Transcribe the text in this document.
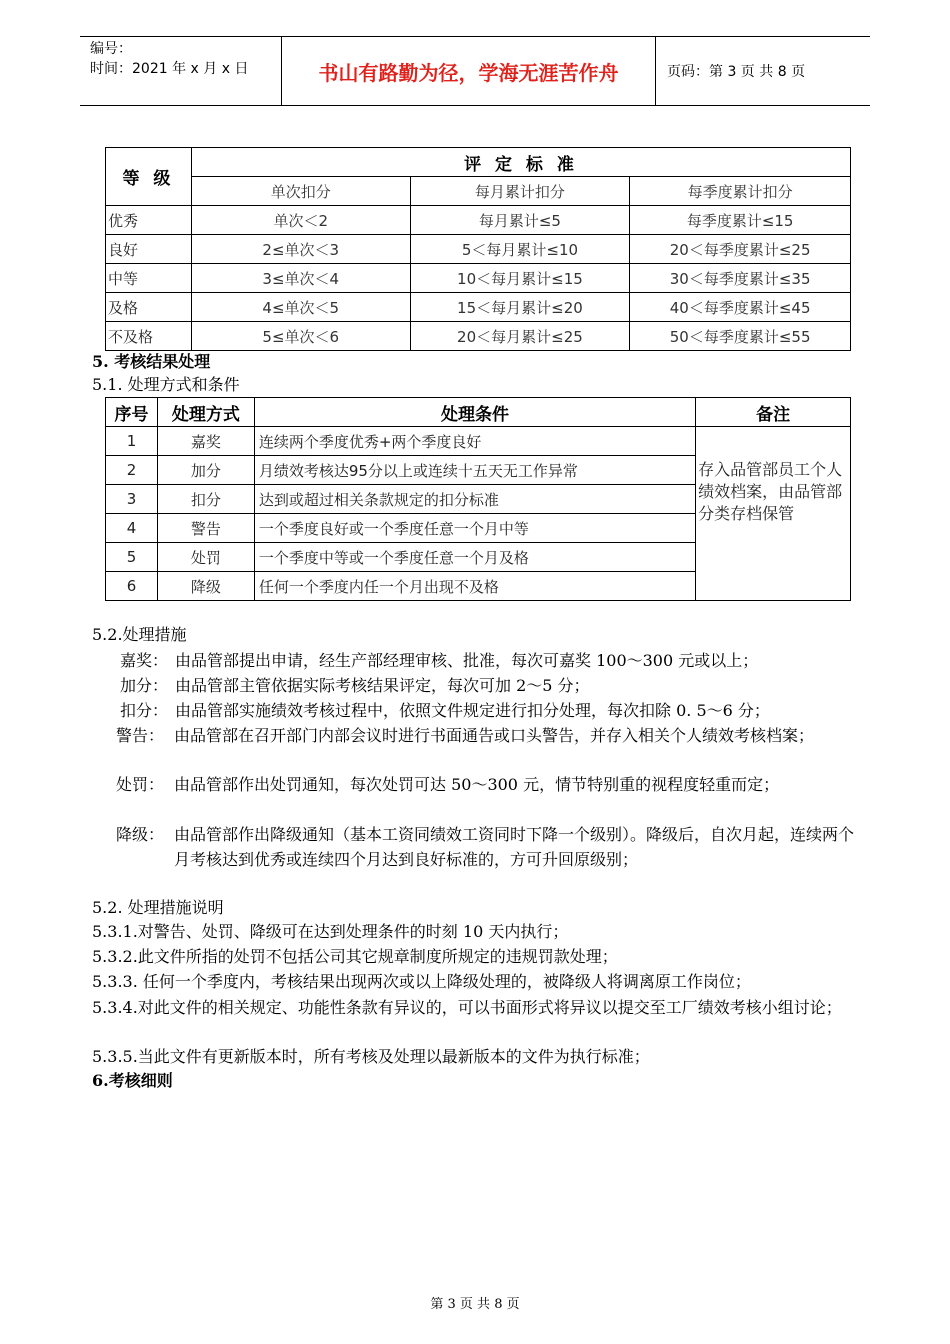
编号：
时间：2021 年 x 月 x 日	书山有路勤为径，学海无涯苦作舟	页码：第 3 页 共 8 页
等 级	评 定 标 准		
	单次扣分	每月累计扣分	每季度累计扣分
优秀	单次＜2	每月累计≤5	每季度累计≤15
良好	2≤单次＜3	5＜每月累计≤10	20＜每季度累计≤25
中等	3≤单次＜4	10＜每月累计≤15	30＜每季度累计≤35
及格	4≤单次＜5	15＜每月累计≤20	40＜每季度累计≤45
不及格	5≤单次＜6	20＜每月累计≤25	50＜每季度累计≤55
5. 考核结果处理
5.1. 处理方式和条件
序号	处理方式	处理条件	备注
1	嘉奖	连续两个季度优秀+两个季度良好	存入品管部员工个人绩效档案，由品管部分类存档保管
2	加分	月绩效考核达95分以上或连续十五天无工作异常	
3	扣分	达到或超过相关条款规定的扣分标准	
4	警告	一个季度良好或一个季度任意一个月中等	
5	处罚	一个季度中等或一个季度任意一个月及格	
6	降级	任何一个季度内任一个月出现不及格	
5.2.处理措施
嘉奖： 由品管部提出申请，经生产部经理审核、批准，每次可嘉奖 100～300 元或以上；
加分： 由品管部主管依据实际考核结果评定，每次可加 2～5 分；
扣分： 由品管部实施绩效考核过程中，依照文件规定进行扣分处理，每次扣除 0. 5～6 分；
警告： 由品管部在召开部门内部会议时进行书面通告或口头警告，并存入相关个人绩效考核档案；
处罚： 由品管部作出处罚通知，每次处罚可达 50～300 元，情节特别重的视程度轻重而定；
降级： 由品管部作出降级通知（基本工资同绩效工资同时下降一个级别）。降级后，自次月起，连续两个月考核达到优秀或连续四个月达到良好标准的，方可升回原级别；
5.2. 处理措施说明
5.3.1.对警告、处罚、降级可在达到处理条件的时刻 10 天内执行；
5.3.2.此文件所指的处罚不包括公司其它规章制度所规定的违规罚款处理；
5.3.3. 任何一个季度内，考核结果出现两次或以上降级处理的，被降级人将调离原工作岗位；
5.3.4.对此文件的相关规定、功能性条款有异议的，可以书面形式将异议以提交至工厂绩效考核小组讨论；
5.3.5.当此文件有更新版本时，所有考核及处理以最新版本的文件为执行标准；
6.考核细则
第 3 页 共 8 页
